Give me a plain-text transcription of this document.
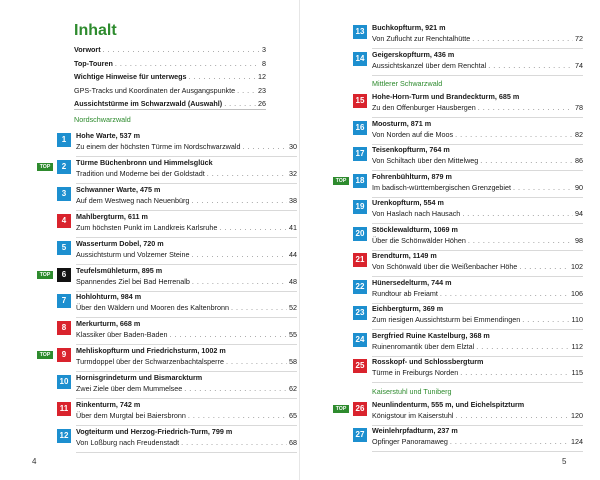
Inhalt
Vorwort . . .	3
Top-Touren . . .	8
Wichtige Hinweise für unterwegs . . .	12
GPS-Tracks und Koordinaten der Ausgangspunkte . . .	23
Aussichtstürme im Schwarzwald (Auswahl) . . .	26
Nordschwarzwald
1	Hohe Warte, 537 m
Zu einem der höchsten Türme im Nordschwarzwald . . .	30
TOP	2	Türme Büchenbronn und Himmelsglück
Tradition und Moderne bei der Goldstadt . . .	32
3	Schwanner Warte, 475 m
Auf dem Westweg nach Neuenbürg . . .	38
4	Mahlbergturm, 611 m
Zum höchsten Punkt im Landkreis Karlsruhe . . .	41
5	Wasserturm Dobel, 720 m
Aussichtsturm und Volzemer Steine . . .	44
TOP	6	Teufelsmühleturm, 895 m
Spannendes Ziel bei Bad Herrenalb . . .	48
7	Hohlohturm, 984 m
Über den Wäldern und Mooren des Kaltenbronn . . .	52
8	Merkurturm, 668 m
Klassiker über Baden-Baden . . .	55
TOP	9	Mehliskopfturm und Friedrichsturm, 1002 m
Turmdoppel über der Schwarzenbachtalsperre . . .	58
10	Hornisgrindeturm und Bismarckturm
Zwei Ziele über dem Mummelsee . . .	62
11	Rinkenturm, 742 m
Über dem Murgtal bei Baiersbronn . . .	65
12	Vogteiturm und Herzog-Friedrich-Turm, 799 m
Von Loßburg nach Freudenstadt . . .	68
4
13	Buchkopfturm, 921 m
Von Zuflucht zur Renchtalhütte . . .	72
14	Geigerskopfturm, 436 m
Aussichtskanzel über dem Renchtal . . .	74
15	Hohe-Horn-Turm und Brandeckturm, 685 m
Zu den Offenburger Hausbergen . . .	78
16	Moosturm, 871 m
Von Norden auf die Moos . . .	82
17	Teisenkopfturm, 764 m
Von Schiltach über den Mittelweg . . .	86
TOP	18	Fohrenbühlturm, 879 m
Im badisch-württembergischen Grenzgebiet . . .	90
19	Urenkopfturm, 554 m
Von Haslach nach Hausach . . .	94
20	Stöcklewaldturm, 1069 m
Über die Schönwälder Höhen . . .	98
21	Brendturm, 1149 m
Von Schönwald über die Weißenbacher Höhe . . .	102
22	Hünersedelturm, 744 m
Rundtour ab Freiamt . . .	106
23	Eichbergturm, 369 m
Zum riesigen Aussichtsturm bei Emmendingen . . .	110
24	Bergfried Ruine Kastelburg, 368 m
Ruinenromantik über dem Elztal . . .	112
25	Rosskopf- und Schlossbergturm
Türme in Freiburgs Norden . . .	115
TOP	26	Neunlindenturm, 555 m, und Eichelspitzturm
Königstour im Kaiserstuhl . . .	120
27	Weinlehrpfadturm, 237 m
Opfinger Panoramaweg . . .	124
Mittlerer Schwarzwald
Kaiserstuhl und Tuniberg
5
